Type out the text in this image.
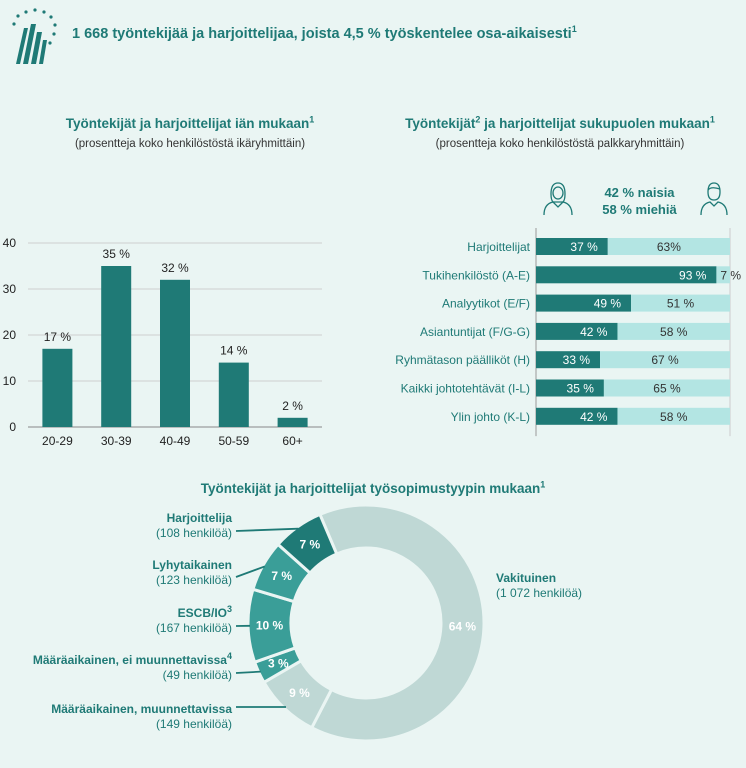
1 668 työntekijää ja harjoittelijaa, joista 4,5 % työskentelee osa-aikaisesti$^1$
Työntekijät ja harjoittelijat iän mukaan$^1$
(prosentteja koko henkilöstöstä ikäryhmittäin)
0
10
20
30
40
17 %
20-29
35 %
30-39
32 %
40-49
14 %
50-59
2 %
60+
Työntekijät$^2$ ja harjoittelijat sukupuolen mukaan$^1$
(prosentteja koko henkilöstöstä palkkaryhmittäin)
42 % naisia
58 % miehiä
Harjoittelijat	37 %	63%
Tukihenkilöstö (A-E)	93 % 7 %
Analyytikot (E/F)	49 %	51 %
Asiantuntijat (F/G-G)	42 %	58 %
Ryhmätason päälliköt (H)	33 %	67 %
Kaikki johtotehtävät (I-L)	35 %	65 %
Ylin johto (K-L)	42 %	58 %
Työntekijät ja harjoittelijat työsopimustyypin mukaan$^1$
64 %
9 %
3 %
10 %
7 %
7 %
Harjoittelija
(108 henkilöä)
Lyhytaikainen
(123 henkilöä)
ESCB/$IO^3$
(167 henkilöä)
Määräaikainen, ei muunnettavissa$^4$
(49 henkilöä)
Määräaikainen, muunnettavissa
(149 henkilöä)
Vakituinen
(1 072 henkilöä)
